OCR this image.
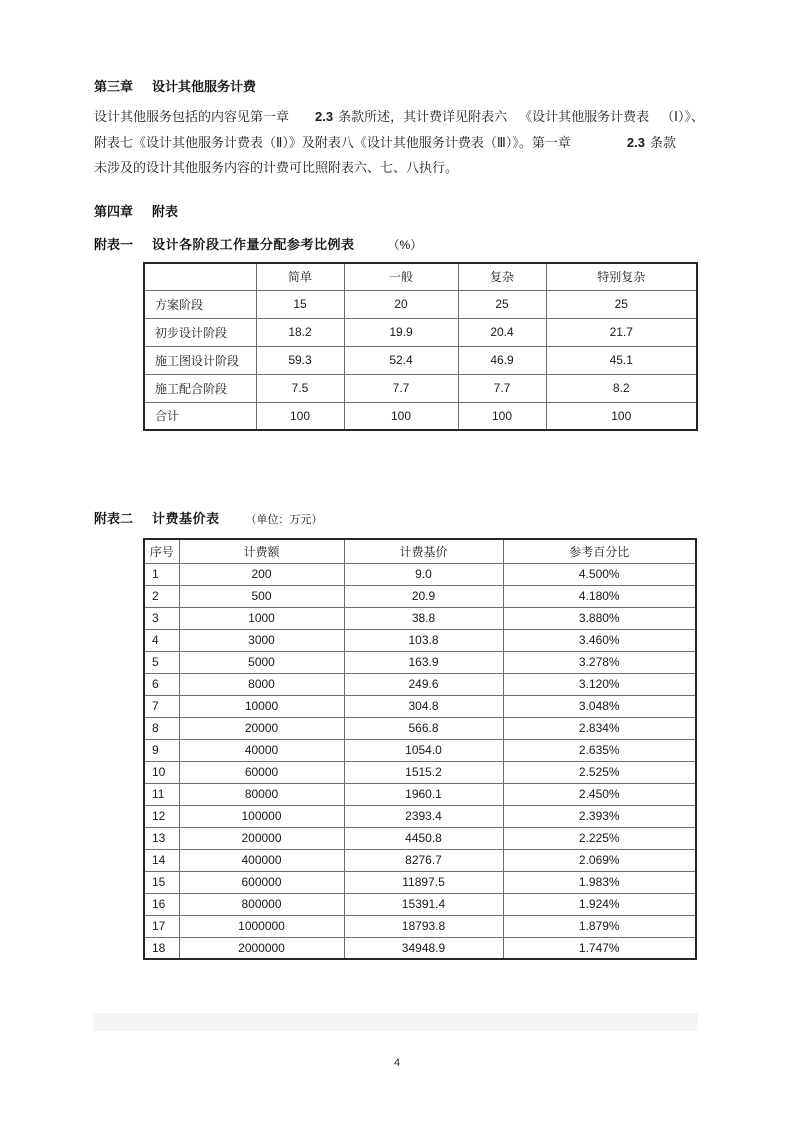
第三章 设计其他服务计费
设计其他服务包括的内容见第一章 2.3 条款所述，其计费详见附表六 《设计其他服务计费表 （Ⅰ）》、
附表七《设计其他服务计费表（Ⅱ）》及附表八《设计其他服务计费表（Ⅲ）》。第一章	2.3 条款
未涉及的设计其他服务内容的计费可比照附表六、七、八执行。
第四章 附表
附表一 设计各阶段工作量分配参考比例表	（%）
	简单	一般	复杂	特别复杂
方案阶段	15	20	25	25
初步设计阶段	18.2	19.9	20.4	21.7
施工图设计阶段	59.3	52.4	46.9	45.1
施工配合阶段	7.5	7.7	7.7	8.2
合计	100	100	100	100
附表二 计费基价表 （单位：万元）
序号	计费额	计费基价	参考百分比
1	200	9.0	4.500%
2	500	20.9	4.180%
3	1000	38.8	3.880%
4	3000	103.8	3.460%
5	5000	163.9	3.278%
6	8000	249.6	3.120%
7	10000	304.8	3.048%
8	20000	566.8	2.834%
9	40000	1054.0	2.635%
10	60000	1515.2	2.525%
11	80000	1960.1	2.450%
12	100000	2393.4	2.393%
13	200000	4450.8	2.225%
14	400000	8276.7	2.069%
15	600000	11897.5	1.983%
16	800000	15391.4	1.924%
17	1000000	18793.8	1.879%
18	2000000	34948.9	1.747%
4
